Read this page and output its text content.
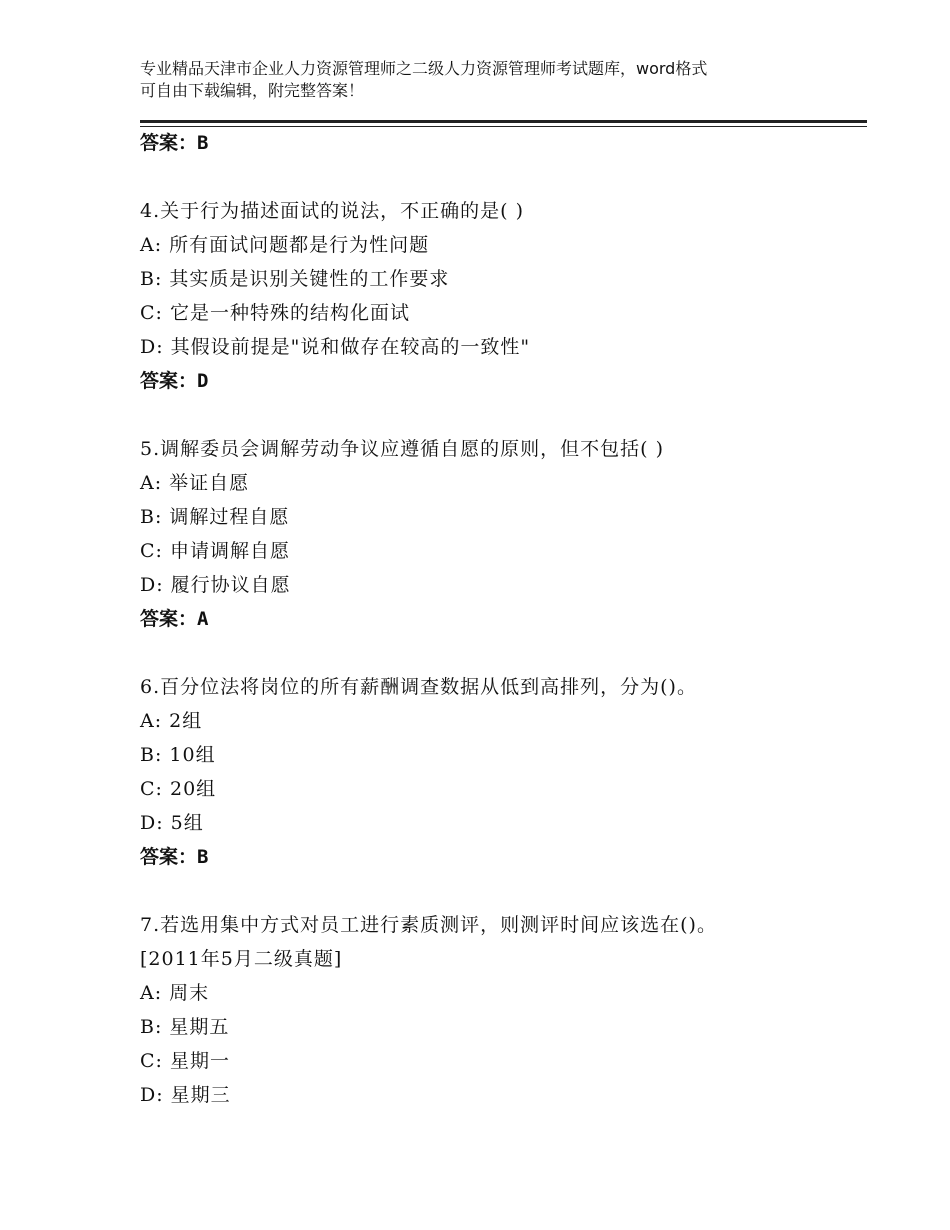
专业精品天津市企业人力资源管理师之二级人力资源管理师考试题库，word格式
可自由下载编辑，附完整答案！
答案：B
4.关于行为描述面试的说法，不正确的是( )
A: 所有面试问题都是行为性问题
B: 其实质是识别关键性的工作要求
C: 它是一种特殊的结构化面试
D: 其假设前提是"说和做存在较高的一致性"
答案：D
5.调解委员会调解劳动争议应遵循自愿的原则，但不包括( )
A: 举证自愿
B: 调解过程自愿
C: 申请调解自愿
D: 履行协议自愿
答案：A
6.百分位法将岗位的所有薪酬调查数据从低到高排列，分为()。
A: 2组
B: 10组
C: 20组
D: 5组
答案：B
7.若选用集中方式对员工进行素质测评，则测评时间应该选在()。
[2011年5月二级真题]
A: 周末
B: 星期五
C: 星期一
D: 星期三
